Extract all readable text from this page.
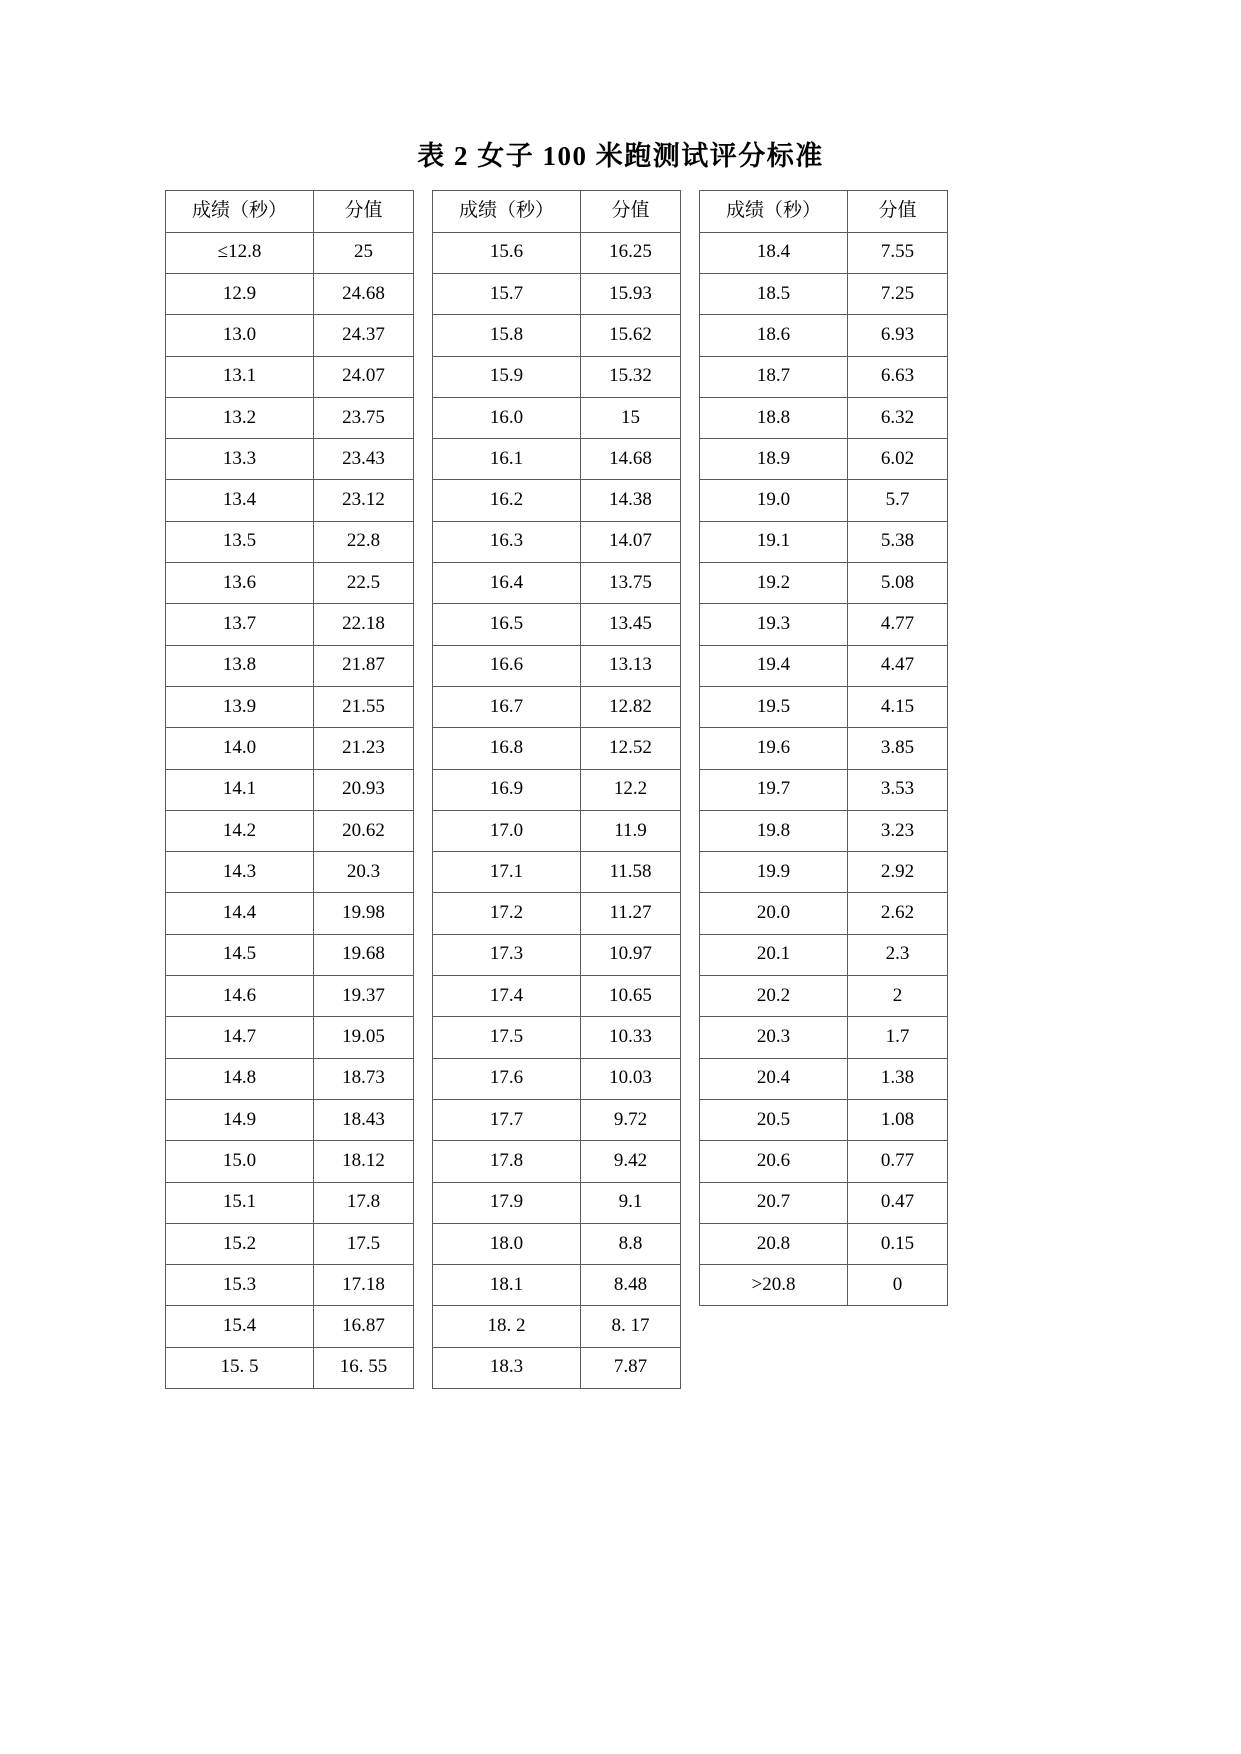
表 2 女子 100 米跑测试评分标准
成绩（秒）	分值
≤12.8	25
12.9	24.68
13.0	24.37
13.1	24.07
13.2	23.75
13.3	23.43
13.4	23.12
13.5	22.8
13.6	22.5
13.7	22.18
13.8	21.87
13.9	21.55
14.0	21.23
14.1	20.93
14.2	20.62
14.3	20.3
14.4	19.98
14.5	19.68
14.6	19.37
14.7	19.05
14.8	18.73
14.9	18.43
15.0	18.12
15.1	17.8
15.2	17.5
15.3	17.18
15.4	16.87
15. 5	16. 55
成绩（秒）	分值
15.6	16.25
15.7	15.93
15.8	15.62
15.9	15.32
16.0	15
16.1	14.68
16.2	14.38
16.3	14.07
16.4	13.75
16.5	13.45
16.6	13.13
16.7	12.82
16.8	12.52
16.9	12.2
17.0	11.9
17.1	11.58
17.2	11.27
17.3	10.97
17.4	10.65
17.5	10.33
17.6	10.03
17.7	9.72
17.8	9.42
17.9	9.1
18.0	8.8
18.1	8.48
18. 2	8. 17
18.3	7.87
成绩（秒）	分值
18.4	7.55
18.5	7.25
18.6	6.93
18.7	6.63
18.8	6.32
18.9	6.02
19.0	5.7
19.1	5.38
19.2	5.08
19.3	4.77
19.4	4.47
19.5	4.15
19.6	3.85
19.7	3.53
19.8	3.23
19.9	2.92
20.0	2.62
20.1	2.3
20.2	2
20.3	1.7
20.4	1.38
20.5	1.08
20.6	0.77
20.7	0.47
20.8	0.15
>20.8	0
